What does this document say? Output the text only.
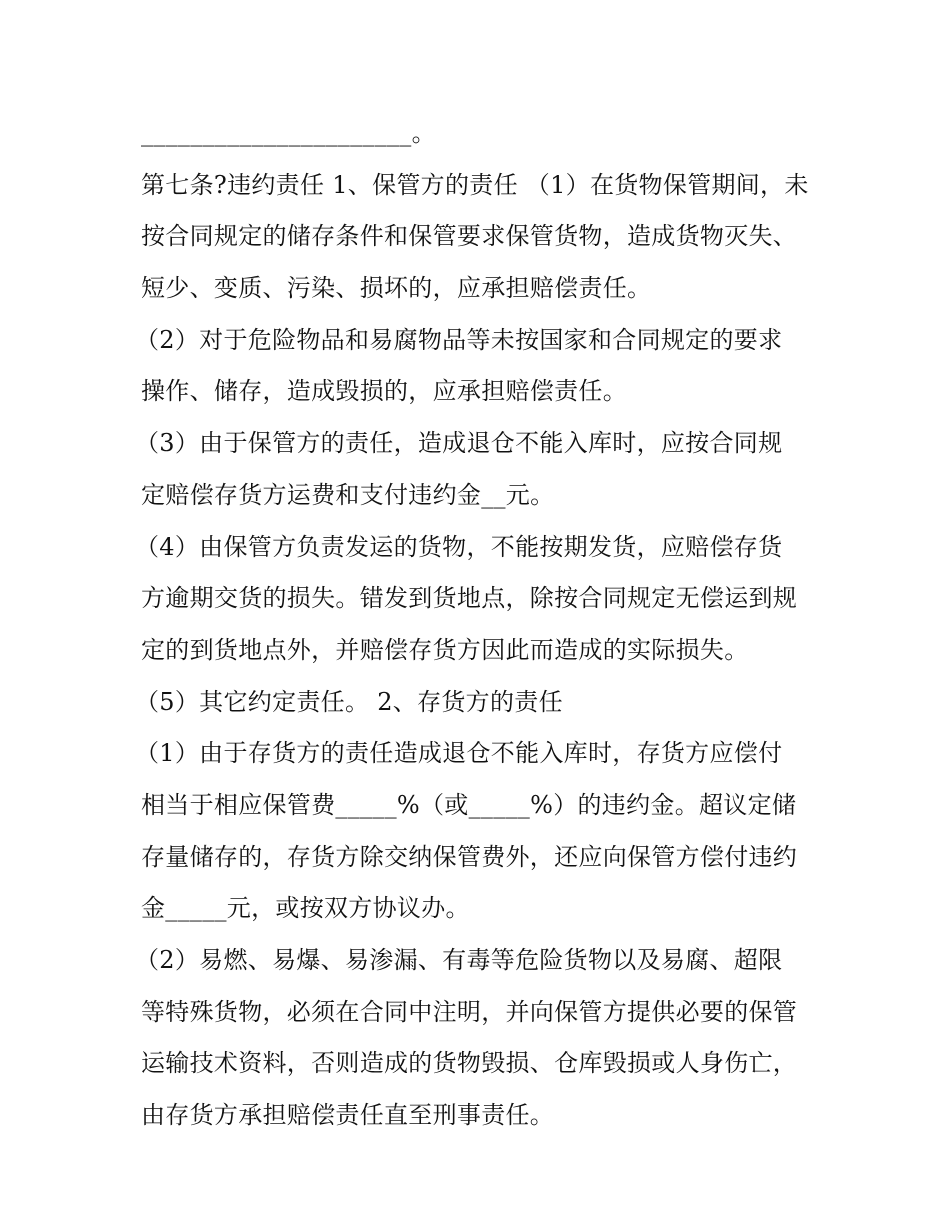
______________________。
第七条?违约责任 1、保管方的责任 （1）在货物保管期间，未
按合同规定的储存条件和保管要求保管货物，造成货物灭失、
短少、变质、污染、损坏的，应承担赔偿责任。
（2）对于危险物品和易腐物品等未按国家和合同规定的要求
操作、储存，造成毁损的，应承担赔偿责任。
（3）由于保管方的责任，造成退仓不能入库时，应按合同规
定赔偿存货方运费和支付违约金__元。
（4）由保管方负责发运的货物，不能按期发货，应赔偿存货
方逾期交货的损失。错发到货地点，除按合同规定无偿运到规
定的到货地点外，并赔偿存货方因此而造成的实际损失。
（5）其它约定责任。 2、存货方的责任
（1）由于存货方的责任造成退仓不能入库时，存货方应偿付
相当于相应保管费_____%（或_____%）的违约金。超议定储
存量储存的，存货方除交纳保管费外，还应向保管方偿付违约
金_____元，或按双方协议办。
（2）易燃、易爆、易渗漏、有毒等危险货物以及易腐、超限
等特殊货物，必须在合同中注明，并向保管方提供必要的保管
运输技术资料，否则造成的货物毁损、仓库毁损或人身伤亡，
由存货方承担赔偿责任直至刑事责任。
